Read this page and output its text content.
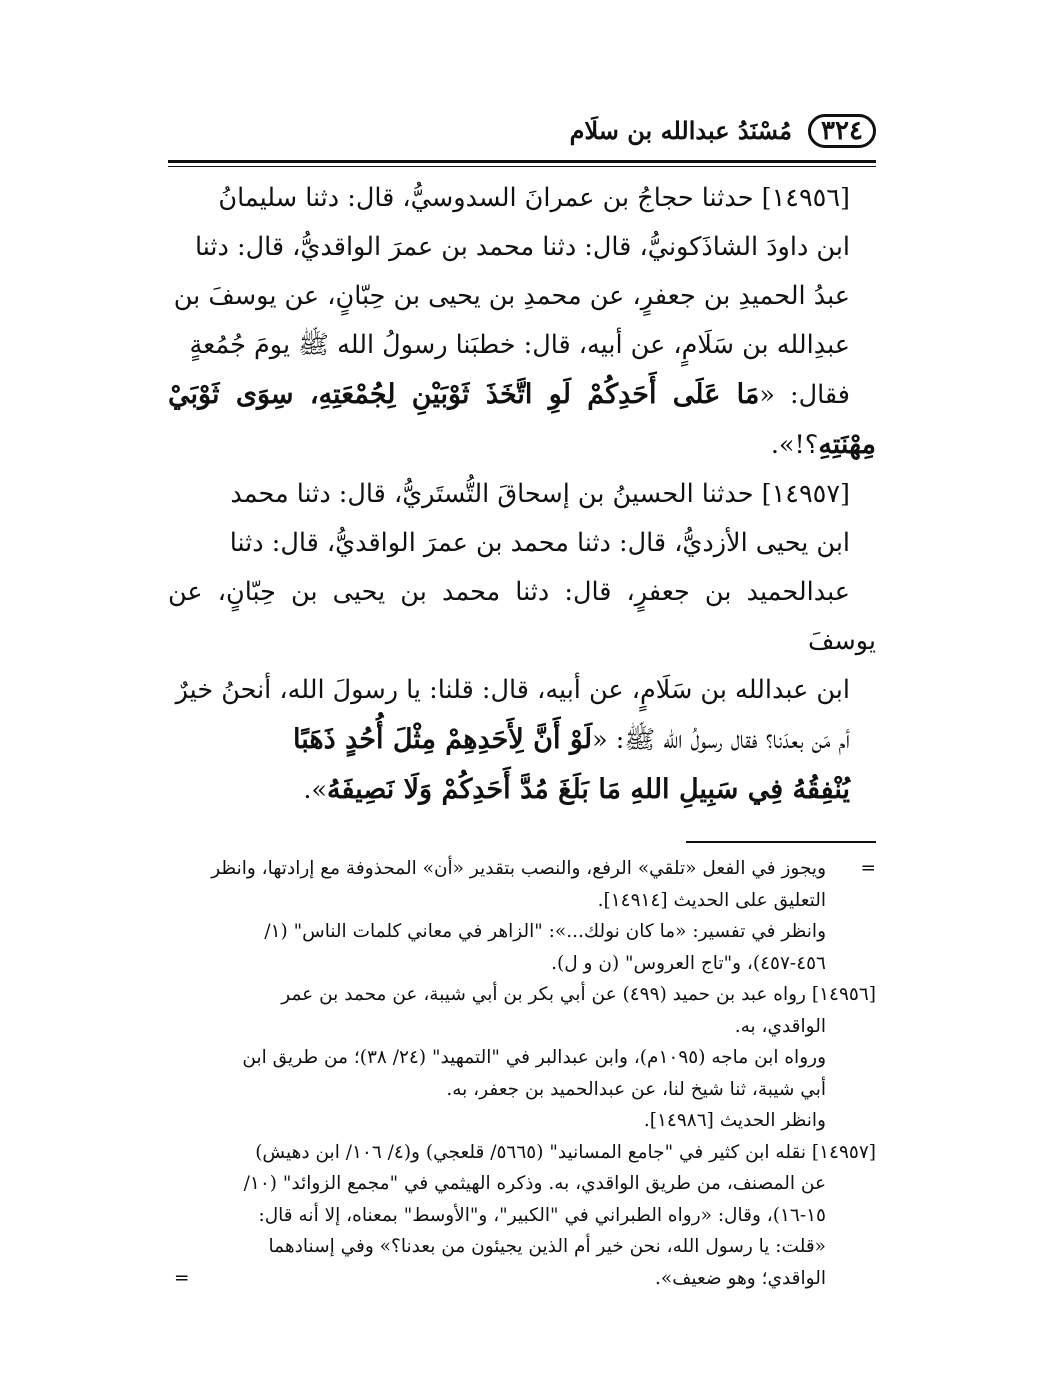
٣٢٤
مُسْنَدُ عبدالله بن سلَام

[١٤٩٥٦] حدثنا حجاجُ بن عمرانَ السدوسيُّ، قال: دثنا سليمانُ
ابن داودَ الشاذَكونيُّ، قال: دثنا محمد بن عمرَ الواقديُّ، قال: دثنا
عبدُ الحميدِ بن جعفرٍ، عن محمدِ بن يحيى بن حِبّانٍ، عن يوسفَ بن
عبدِالله بن سَلَامٍ، عن أبيه، قال: خطبَنا رسولُ الله ﷺ يومَ جُمُعةٍ
فقال: «مَا عَلَى أَحَدِكُمْ لَوِ اتَّخَذَ ثَوْبَيْنِ لِجُمْعَتِهِ، سِوَى ثَوْبَيْ مِهْنَتِهِ؟!».

[١٤٩٥٧] حدثنا الحسينُ بن إسحاقَ التُّستَريُّ، قال: دثنا محمد
ابن يحيى الأزديُّ، قال: دثنا محمد بن عمرَ الواقديُّ، قال: دثنا
عبدالحميد بن جعفرٍ، قال: دثنا محمد بن يحيى بن حِبّانٍ، عن يوسفَ
ابن عبدالله بن سَلَامٍ، عن أبيه، قال: قلنا: يا رسولَ الله، أنحنُ خيرٌ
أم مَن بعدَنا؟ فقال رسولُ الله ﷺ: «لَوْ أَنَّ لِأَحَدِهِمْ مِثْلَ أُحُدٍ ذَهَبًا
يُنْفِقُهُ فِي سَبِيلِ اللهِ مَا بَلَغَ مُدَّ أَحَدِكُمْ وَلَا نَصِيفَهُ».

=
ويجوز في الفعل «تلقي» الرفع، والنصب بتقدير «أن» المحذوفة مع إرادتها، وانظر
التعليق على الحديث [١٤٩١٤].
وانظر في تفسير: «ما كان نولك...»: "الزاهر في معاني كلمات الناس" (١/
٤٥٦-٤٥٧)، و"تاج العروس" (ن و ل).
[١٤٩٥٦] رواه عبد بن حميد (٤٩٩) عن أبي بكر بن أبي شيبة، عن محمد بن عمر
الواقدي، به.
ورواه ابن ماجه (١٠٩٥م)، وابن عبدالبر في "التمهيد" (٢٤/ ٣٨)؛ من طريق ابن
أبي شيبة، ثنا شيخ لنا، عن عبدالحميد بن جعفر، به.
وانظر الحديث [١٤٩٨٦].
[١٤٩٥٧] نقله ابن كثير في "جامع المسانيد" (٥٦٦٥/ قلعجي) و(٤/ ١٠٦/ ابن دهيش)
عن المصنف، من طريق الواقدي، به. وذكره الهيثمي في "مجمع الزوائد" (١٠/
١٥-١٦)، وقال: «رواه الطبراني في "الكبير"، و"الأوسط" بمعناه، إلا أنه قال:
«قلت: يا رسول الله، نحن خير أم الذين يجيئون من بعدنا؟» وفي إسنادهما
الواقدي؛ وهو ضعيف».
=
